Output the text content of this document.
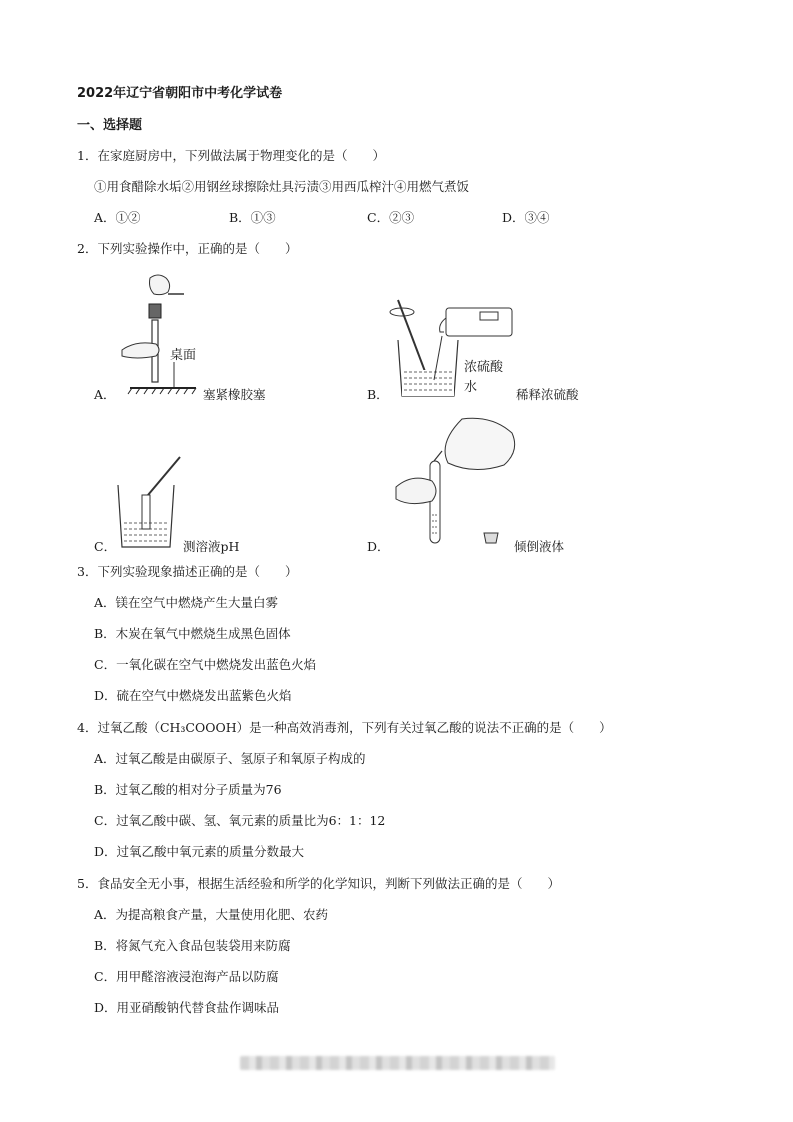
2022年辽宁省朝阳市中考化学试卷
一、选择题
1．在家庭厨房中，下列做法属于物理变化的是（　　）
①用食醋除水垢②用钢丝球擦除灶具污渍③用西瓜榨汁④用燃气煮饭
A．①②	B．①③	C．②③	D．③④
2．下列实验操作中，正确的是（　　）
桌面
A．	塞紧橡胶塞
浓硫酸
水
B．	稀释浓硫酸
C．	测溶液pH	D．	倾倒液体
3．下列实验现象描述正确的是（　　）
A．镁在空气中燃烧产生大量白雾
B．木炭在氧气中燃烧生成黑色固体
C．一氧化碳在空气中燃烧发出蓝色火焰
D．硫在空气中燃烧发出蓝紫色火焰
4．过氧乙酸（CH₃COOOH）是一种高效消毒剂，下列有关过氧乙酸的说法不正确的是（　　）
A．过氧乙酸是由碳原子、氢原子和氧原子构成的
B．过氧乙酸的相对分子质量为76
C．过氧乙酸中碳、氢、氧元素的质量比为6：1：12
D．过氧乙酸中氧元素的质量分数最大
5．食品安全无小事，根据生活经验和所学的化学知识，判断下列做法正确的是（　　）
A．为提高粮食产量，大量使用化肥、农药
B．将氮气充入食品包装袋用来防腐
C．用甲醛溶液浸泡海产品以防腐
D．用亚硝酸钠代替食盐作调味品
